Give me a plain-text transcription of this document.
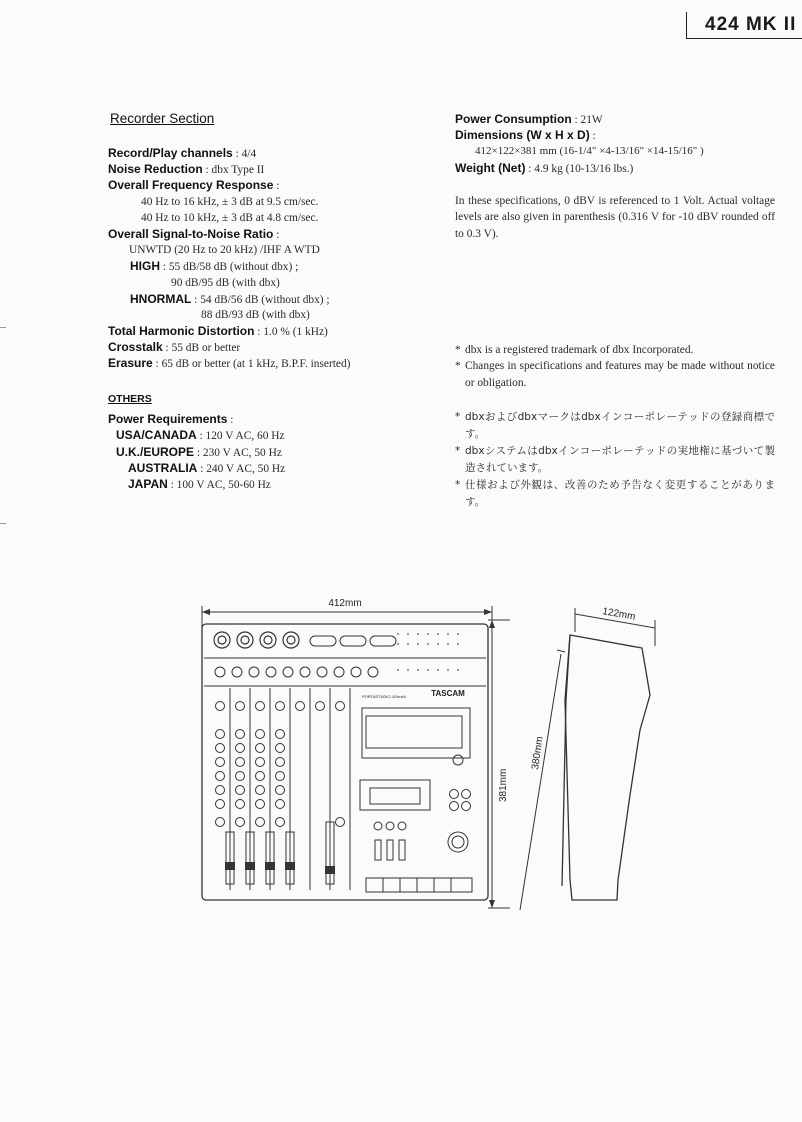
424 MK II
Recorder Section
Record/Play channels : 4/4
Noise Reduction : dbx Type II
Overall Frequency Response :
40 Hz to 16 kHz, ± 3 dB at 9.5 cm/sec.
40 Hz to 10 kHz, ± 3 dB at 4.8 cm/sec.
Overall Signal-to-Noise Ratio :
UNWTD (20 Hz to 20 kHz) /IHF A WTD
HIGH : 55 dB/58 dB (without dbx) ;
90 dB/95 dB (with dbx)
HNORMAL : 54 dB/56 dB (without dbx) ;
88 dB/93 dB (with dbx)
Total Harmonic Distortion : 1.0 % (1 kHz)
Crosstalk : 55 dB or better
Erasure : 65 dB or better (at 1 kHz, B.P.F. inserted)
OTHERS
Power Requirements :
USA/CANADA : 120 V AC, 60 Hz
U.K./EUROPE : 230 V AC, 50 Hz
AUSTRALIA : 240 V AC, 50 Hz
JAPAN : 100 V AC, 50-60 Hz
Power Consumption : 21W
Dimensions (W x H x D) :
412×122×381 mm (16-1/4" ×4-13/16" ×14-15/16" )
Weight (Net) : 4.9 kg (10-13/16 lbs.)
In these specifications, 0 dBV is referenced to 1 Volt. Actual voltage levels are also given in parenthesis (0.316 V for -10 dBV rounded off to 0.3 V).
* dbx is a registered trademark of dbx Incorporated.
* Changes in specifications and features may be made without notice or obligation.
* dbxおよびdbxマークはdbxインコーポレーテッドの登録商標です。
* dbxシステムはdbxインコーポレーテッドの実地権に基づいて製造されています。
* 仕様および外観は、改善のため予告なく変更することがあります。
412mm
381mm
122mm
380mm
TASCAM
PORTASTUDIO 424mkII
